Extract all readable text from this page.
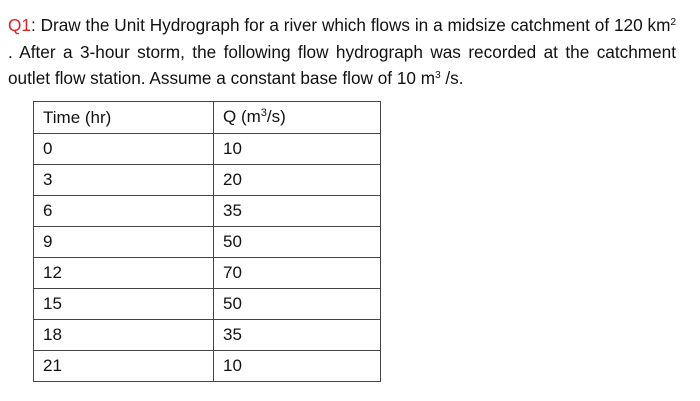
Q1: Draw the Unit Hydrograph for a river which flows in a midsize catchment of 120 $km^2$ . After a 3-hour storm, the following flow hydrograph was recorded at the catchment outlet flow station. Assume a constant base flow of 10 $m^3$ /s.

Time (hr)	Q $(m^3/s)$
0	10
3	20
6	35
9	50
12	70
15	50
18	35
21	10
